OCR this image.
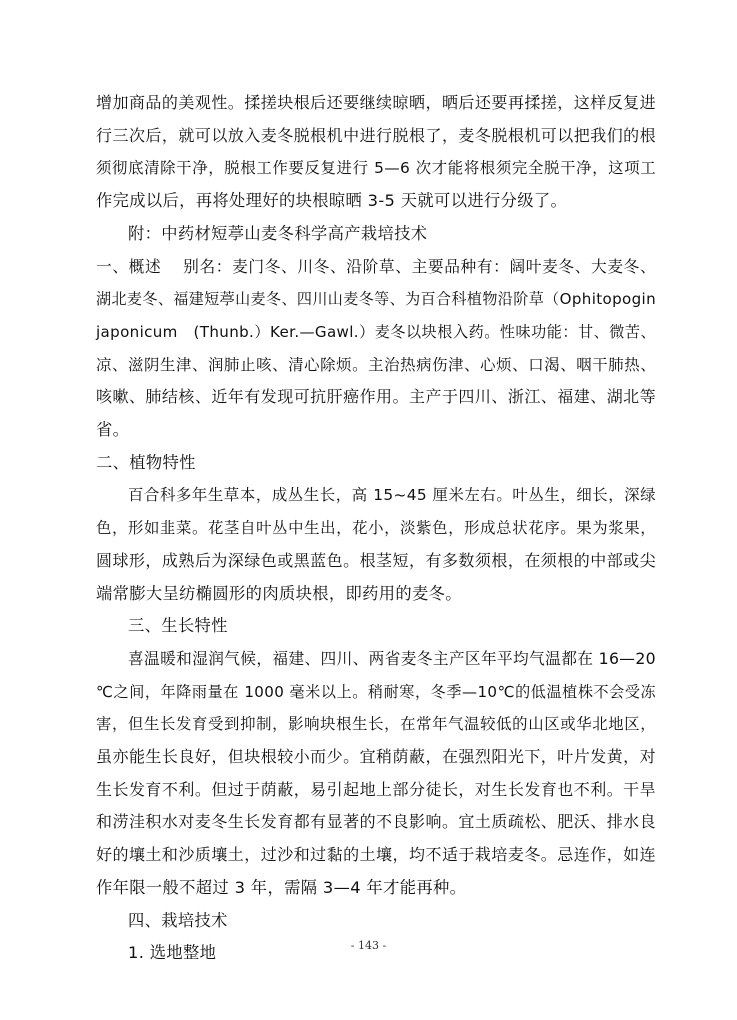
增加商品的美观性。揉搓块根后还要继续晾晒，晒后还要再揉搓，这样反复进
行三次后，就可以放入麦冬脱根机中进行脱根了，麦冬脱根机可以把我们的根
须彻底清除干净，脱根工作要反复进行 5—6 次才能将根须完全脱干净，这项工
作完成以后，再将处理好的块根晾晒 3-5 天就可以进行分级了。
附：中药材短葶山麦冬科学高产栽培技术
一、概述　 别名：麦门冬、川冬、沿阶草、主要品种有：阔叶麦冬、大麦冬、
湖北麦冬、福建短葶山麦冬、四川山麦冬等、为百合科植物沿阶草（Ophitopogin
japonicum　(Thunb.）Ker.—Gawl.）麦冬以块根入药。性味功能：甘、微苦、
凉、滋阴生津、润肺止咳、清心除烦。主治热病伤津、心烦、口渴、咽干肺热、
咳嗽、肺结核、近年有发现可抗肝癌作用。主产于四川、浙江、福建、湖北等
省。
二、植物特性
百合科多年生草本，成丛生长，高 15~45 厘米左右。叶丛生，细长，深绿
色，形如韭菜。花茎自叶丛中生出，花小，淡紫色，形成总状花序。果为浆果，
圆球形，成熟后为深绿色或黑蓝色。根茎短，有多数须根，在须根的中部或尖
端常膨大呈纺椭圆形的肉质块根，即药用的麦冬。
三、生长特性
喜温暖和湿润气候，福建、四川、两省麦冬主产区年平均气温都在 16—20
℃之间，年降雨量在 1000 毫米以上。稍耐寒，冬季—10℃的低温植株不会受冻
害，但生长发育受到抑制，影响块根生长，在常年气温较低的山区或华北地区，
虽亦能生长良好，但块根较小而少。宜稍荫蔽，在强烈阳光下，叶片发黄，对
生长发育不利。但过于荫蔽，易引起地上部分徒长，对生长发育也不利。干旱
和涝洼积水对麦冬生长发育都有显著的不良影响。宜土质疏松、肥沃、排水良
好的壤土和沙质壤土，过沙和过黏的土壤，均不适于栽培麦冬。忌连作，如连
作年限一般不超过 3 年，需隔 3—4 年才能再种。
四、栽培技术
1. 选地整地	- 143 -
